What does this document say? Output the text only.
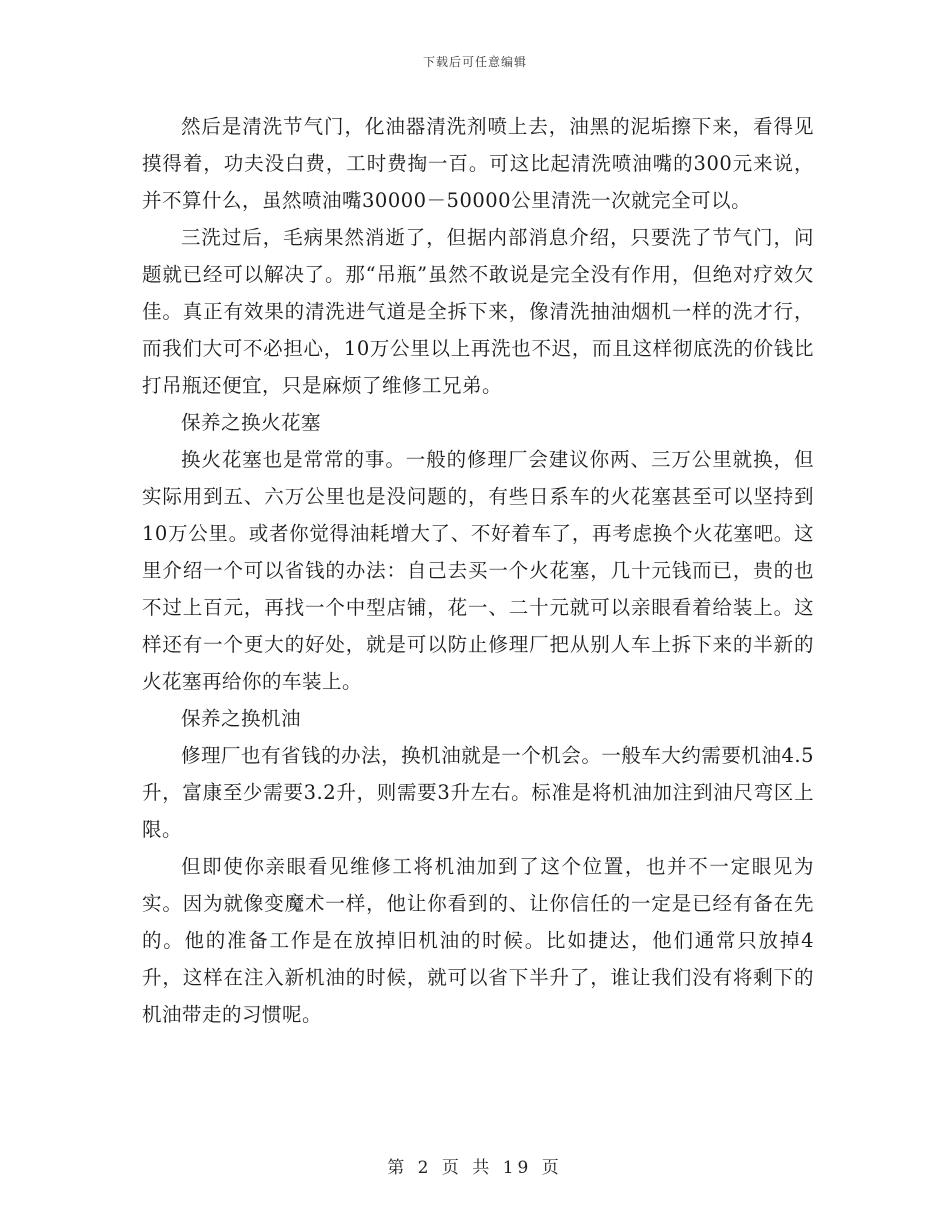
下载后可任意编辑

然后是清洗节气门，化油器清洗剂喷上去，油黑的泥垢擦下来，看得见摸得着，功夫没白费，工时费掏一百。可这比起清洗喷油嘴的300元来说，并不算什么，虽然喷油嘴30000－50000公里清洗一次就完全可以。

三洗过后，毛病果然消逝了，但据内部消息介绍，只要洗了节气门，问题就已经可以解决了。那“吊瓶”虽然不敢说是完全没有作用，但绝对疗效欠佳。真正有效果的清洗进气道是全拆下来，像清洗抽油烟机一样的洗才行，而我们大可不必担心，10万公里以上再洗也不迟，而且这样彻底洗的价钱比打吊瓶还便宜，只是麻烦了维修工兄弟。

保养之换火花塞

换火花塞也是常常的事。一般的修理厂会建议你两、三万公里就换，但实际用到五、六万公里也是没问题的，有些日系车的火花塞甚至可以坚持到10万公里。或者你觉得油耗增大了、不好着车了，再考虑换个火花塞吧。这里介绍一个可以省钱的办法：自己去买一个火花塞，几十元钱而已，贵的也不过上百元，再找一个中型店铺，花一、二十元就可以亲眼看着给装上。这样还有一个更大的好处，就是可以防止修理厂把从别人车上拆下来的半新的火花塞再给你的车装上。

保养之换机油

修理厂也有省钱的办法，换机油就是一个机会。一般车大约需要机油4.5升，富康至少需要3.2升，则需要3升左右。标准是将机油加注到油尺弯区上限。

但即使你亲眼看见维修工将机油加到了这个位置，也并不一定眼见为实。因为就像变魔术一样，他让你看到的、让你信任的一定是已经有备在先的。他的准备工作是在放掉旧机油的时候。比如捷达，他们通常只放掉4升，这样在注入新机油的时候，就可以省下半升了，谁让我们没有将剩下的机油带走的习惯呢。

第 2 页 共 19 页
